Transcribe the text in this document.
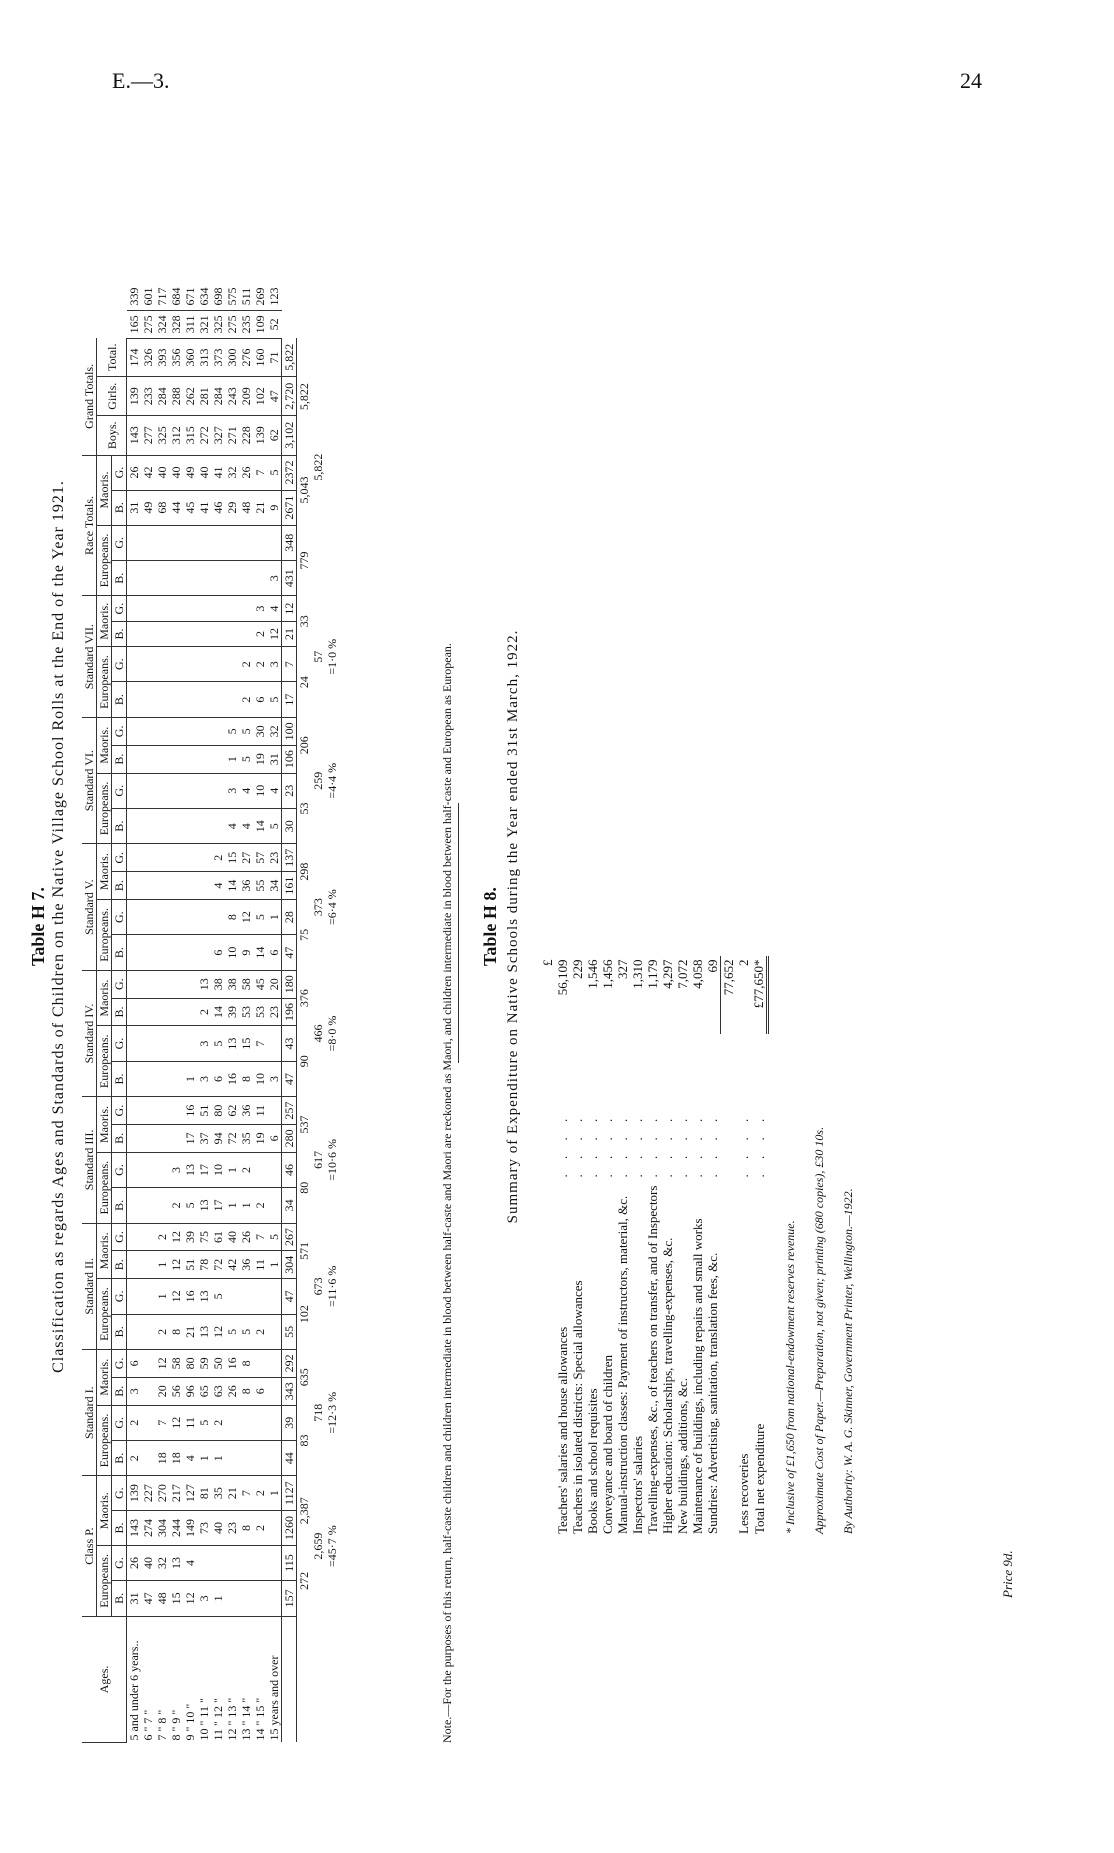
E.—3.	24
Table H 7. Classification as regards Ages and Standards of Children on the Native Village School Rolls at the End of the Year 1921.
Ages.	Class P.				Standard I.				Standard II.				Standard III.				Standard IV.				Standard V.				Standard VI.				Standard VII.				Race Totals.				Grand Totals.				
	Europeans.		Maoris.		Europeans.		Maoris.		Europeans.		Maoris.		Europeans.		Maoris.		Europeans.		Maoris.		Europeans.		Maoris.		Europeans.		Maoris.		Europeans.		Maoris.		Europeans.		Maoris.		Boys.	Girls.	Total.		
	B.	G.	B.	G.	B.	G.	B.	G.	B.	G.	B.	G.	B.	G.	B.	G.	B.	G.	B.	G.	B.	G.	B.	G.	B.	G.	B.	G.	B.	G.	B.	G.	B.	G.	B.	G.					
5 and under 6 years..	31	26	143	139	2	2	3	6																											31	26	143	139	174	165	339
6 " 7 "	47	40	274	227																															49	42	277	233	326	275	601
7 " 8 "	48	32	304	270	18	7	20	12	2	1	1	2																							68	40	325	284	393	324	717
8 " 9 "	15	13	244	217	18	12	56	58	8	12	12	12	2	3																					44	40	312	288	356	328	684
9 " 10 "	12	4	149	127	4	11	96	80	21	16	51	39	5	13	17	16	1																		45	49	315	262	360	311	671
10 " 11 "	3		73	81	1	5	65	59	13	13	78	75	13	17	37	51	3	3	2	13															41	40	272	281	313	321	634
11 " 12 "	1		40	35	1	2	63	50	12	5	72	61	17	10	94	80	6	5	14	38	6		4	2											46	41	327	284	373	325	698
12 " 13 "			23	21			26	16	5		42	40	1	1	72	62	16	13	39	38	10	8	14	15	4	3	1	5							29	32	271	243	300	275	575
13 " 14 "			8	7			8	8	5		36	26	1	2	35	36	8	15	53	58	9	12	36	27	4	4	5	5	2	2					48	26	228	209	276	235	511
14 " 15 "			2	2			6		2		11	7	2		19	11	10	7	53	45	14	5	55	57	14	10	19	30	6	2	2	3			21	7	139	102	160	109	269
15 years and over				1							1	5			6		3		23	20	6	1	34	23	5	4	31	32	5	3	12	4	3		9	5	62	47	71	52	123
	157	115	1260	1127	44	39	343	292	55	47	304	267	34	46	280	257	47	43	196	180	47	28	161	137	30	23	106	100	17	7	21	12	431	348	2671	2372	3,102	2,720	5,822		
	272		2,387		83		635		102		571		80		537		90		376		75		298		53		206		24		33		779		5,043		5,822				
	2,659				718				673				617				466				373				259				57				5,822								
	=45·7 %				=12·3 %				=11·6 %				=10·6 %				=8·0 %				=6·4 %				=4·4 %				=1·0 %													Note.—For the purposes of this return, half-caste children and children intermediate in blood between half-caste and Maori are reckoned as Maori, and children intermediate in blood between half-caste and European as European. Table H 8. Summary of Expenditure on Native Schools during the Year ended 31st March, 1922.
		£
Teachers' salaries and house allowances	. . . .	56,109
Teachers in isolated districts: Special allowances	. . . .	229
Books and school requisites	. . . .	1,546
Conveyance and board of children	. . . .	1,456
Manual-instruction classes: Payment of instructors, material, &c.	. . . .	327
Inspectors' salaries	. . . .	1,310
Travelling-expenses, &c., of teachers on transfer, and of Inspectors	. . . .	1,179
Higher education: Scholarships, travelling-expenses, &c.	. . . .	4,297
New buildings, additions, &c.	. . . .	7,072
Maintenance of buildings, including repairs and small works	. . . .	4,058
Sundries: Advertising, sanitation, translation fees, &c.	. . . .	69
		77,652
Less recoveries	. . . .	2
Total net expenditure	. . . .	£77,650*
* Inclusive of £1,650 from national-endowment reserves revenue.		
Approximate Cost of Paper.—Preparation, not given; printing (680 copies), £30 10s.		
By Authority: W. A. G. Skinner, Government Printer, Wellington.—1922.		
Price 9d.
